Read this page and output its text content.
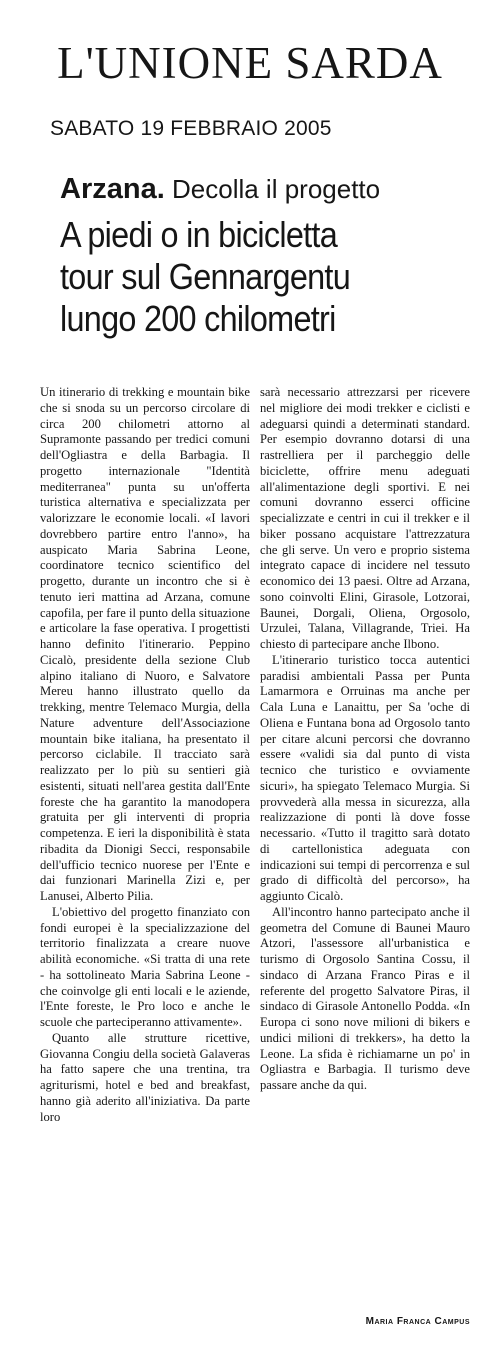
L'UNIONE SARDA
SABATO 19 FEBBRAIO 2005
Arzana. Decolla il progetto
A piedi o in bicicletta
tour sul Gennargentu
lungo 200 chilometri

Un itinerario di trekking e mountain bike che si snoda su un percorso circolare di circa 200 chilometri attorno al Supramonte passando per tredici comuni dell'Ogliastra e della Barbagia. Il progetto internazionale "Identità mediterranea" punta su un'offerta turistica alternativa e specializzata per valorizzare le economie locali. «I lavori dovrebbero partire entro l'anno», ha auspicato Maria Sabrina Leone, coordinatore tecnico scientifico del progetto, durante un incontro che si è tenuto ieri mattina ad Arzana, comune capofila, per fare il punto della situazione e articolare la fase operativa. I progettisti hanno definito l'itinerario. Peppino Cicalò, presidente della sezione Club alpino italiano di Nuoro, e Salvatore Mereu hanno illustrato quello da trekking, mentre Telemaco Murgia, della Nature adventure dell'Associazione mountain bike italiana, ha presentato il percorso ciclabile. Il tracciato sarà realizzato per lo più su sentieri già esistenti, situati nell'area gestita dall'Ente foreste che ha garantito la manodopera gratuita per gli interventi di propria competenza. E ieri la disponibilità è stata ribadita da Dionigi Secci, responsabile dell'ufficio tecnico nuorese per l'Ente e dai funzionari Marinella Zizi e, per Lanusei, Alberto Pilia.

L'obiettivo del progetto finanziato con fondi europei è la specializzazione del territorio finalizzata a creare nuove abilità economiche. «Si tratta di una rete - ha sottolineato Maria Sabrina Leone - che coinvolge gli enti locali e le aziende, l'Ente foreste, le Pro loco e anche le scuole che parteciperanno attivamente».

Quanto alle strutture ricettive, Giovanna Congiu della società Galaveras ha fatto sapere che una trentina, tra agriturismi, hotel e bed and breakfast, hanno già aderito all'iniziativa. Da parte loro

sarà necessario attrezzarsi per ricevere nel migliore dei modi trekker e ciclisti e adeguarsi quindi a determinati standard. Per esempio dovranno dotarsi di una rastrelliera per il parcheggio delle biciclette, offrire menu adeguati all'alimentazione degli sportivi. E nei comuni dovranno esserci officine specializzate e centri in cui il trekker e il biker possano acquistare l'attrezzatura che gli serve. Un vero e proprio sistema integrato capace di incidere nel tessuto economico dei 13 paesi. Oltre ad Arzana, sono coinvolti Elini, Girasole, Lotzorai, Baunei, Dorgali, Oliena, Orgosolo, Urzulei, Talana, Villagrande, Triei. Ha chiesto di partecipare anche Ilbono.

L'itinerario turistico tocca autentici paradisi ambientali Passa per Punta Lamarmora e Orruinas ma anche per Cala Luna e Lanaittu, per Sa 'oche di Oliena e Funtana bona ad Orgosolo tanto per citare alcuni percorsi che dovranno essere «validi sia dal punto di vista tecnico che turistico e ovviamente sicuri», ha spiegato Telemaco Murgia. Si provvederà alla messa in sicurezza, alla realizzazione di ponti là dove fosse necessario. «Tutto il tragitto sarà dotato di cartellonistica adeguata con indicazioni sui tempi di percorrenza e sul grado di difficoltà del percorso», ha aggiunto Cicalò.

All'incontro hanno partecipato anche il geometra del Comune di Baunei Mauro Atzori, l'assessore all'urbanistica e turismo di Orgosolo Santina Cossu, il sindaco di Arzana Franco Piras e il referente del progetto Salvatore Piras, il sindaco di Girasole Antonello Podda. «In Europa ci sono nove milioni di bikers e undici milioni di trekkers», ha detto la Leone. La sfida è richiamarne un po' in Ogliastra e Barbagia. Il turismo deve passare anche da qui.

Maria Franca Campus
